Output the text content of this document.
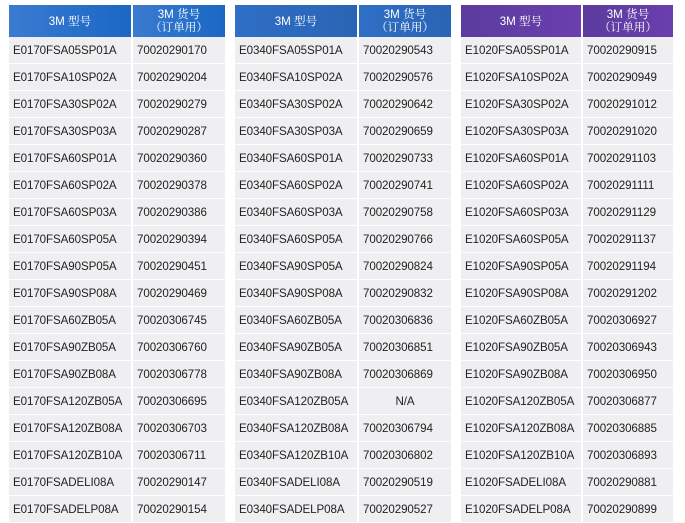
3M 型号	3M 货号
（订单用）

E0170FSA05SP01A	70020290170
E0170FSA10SP02A	70020290204
E0170FSA30SP02A	70020290279
E0170FSA30SP03A	70020290287
E0170FSA60SP01A	70020290360
E0170FSA60SP02A	70020290378
E0170FSA60SP03A	70020290386
E0170FSA60SP05A	70020290394
E0170FSA90SP05A	70020290451
E0170FSA90SP08A	70020290469
E0170FSA60ZB05A	70020306745
E0170FSA90ZB05A	70020306760
E0170FSA90ZB08A	70020306778
E0170FSA120ZB05A	70020306695
E0170FSA120ZB08A	70020306703
E0170FSA120ZB10A	70020306711
E0170FSADELI08A	70020290147
E0170FSADELP08A	70020290154
3M 型号	3M 货号
（订单用）

E0340FSA05SP01A	70020290543
E0340FSA10SP02A	70020290576
E0340FSA30SP02A	70020290642
E0340FSA30SP03A	70020290659
E0340FSA60SP01A	70020290733
E0340FSA60SP02A	70020290741
E0340FSA60SP03A	70020290758
E0340FSA60SP05A	70020290766
E0340FSA90SP05A	70020290824
E0340FSA90SP08A	70020290832
E0340FSA60ZB05A	70020306836
E0340FSA90ZB05A	70020306851
E0340FSA90ZB08A	70020306869
E0340FSA120ZB05A	N/A
E0340FSA120ZB08A	70020306794
E0340FSA120ZB10A	70020306802
E0340FSADELI08A	70020290519
E0340FSADELP08A	70020290527
3M 型号	3M 货号
（订单用）

E1020FSA05SP01A	70020290915
E1020FSA10SP02A	70020290949
E1020FSA30SP02A	70020291012
E1020FSA30SP03A	70020291020
E1020FSA60SP01A	70020291103
E1020FSA60SP02A	70020291111
E1020FSA60SP03A	70020291129
E1020FSA60SP05A	70020291137
E1020FSA90SP05A	70020291194
E1020FSA90SP08A	70020291202
E1020FSA60ZB05A	70020306927
E1020FSA90ZB05A	70020306943
E1020FSA90ZB08A	70020306950
E1020FSA120ZB05A	70020306877
E1020FSA120ZB08A	70020306885
E1020FSA120ZB10A	70020306893
E1020FSADELI08A	70020290881
E1020FSADELP08A	70020290899
